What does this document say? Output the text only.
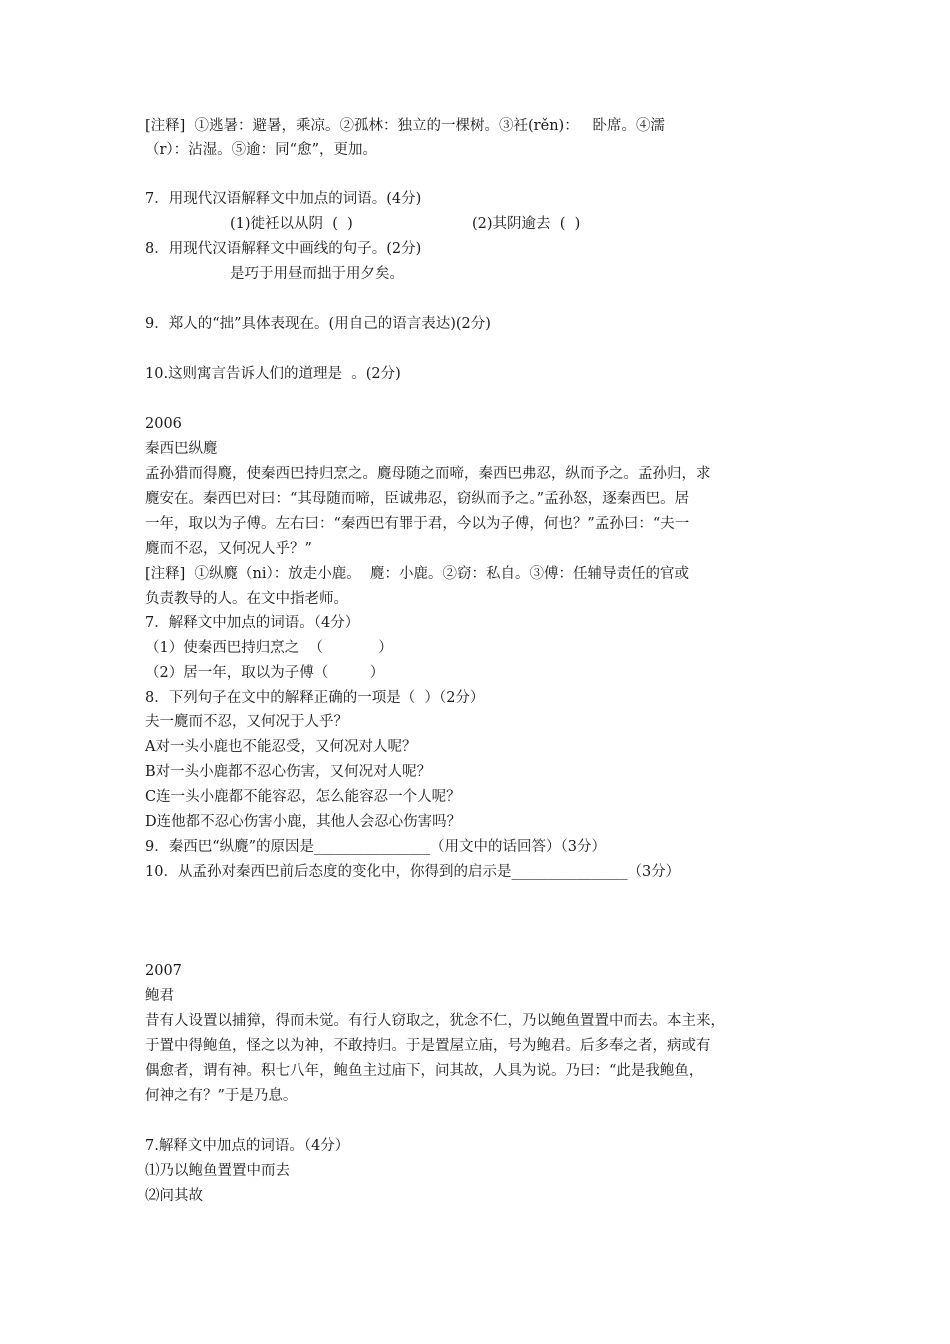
[注释]  ①逃暑：避暑，乘凉。②孤林：独立的一棵树。③衽(rěn)：   卧席。④濡
（r）：沾湿。⑤逾：同“愈”，更加。
7．用现代汉语解释文中加点的词语。(4分)
(1)徙衽以从阴  (  )	(2)其阴逾去  (  )
8．用现代汉语解释文中画线的句子。(2分)
是巧于用昼而拙于用夕矣。
9．郑人的“拙”具体表现在。(用自己的语言表达)(2分)
10.这则寓言告诉人们的道理是  。(2分)
2006
秦西巴纵麑
孟孙猎而得麑，使秦西巴持归烹之。麑母随之而啼，秦西巴弗忍，纵而予之。孟孙归，求
麑安在。秦西巴对曰：“其母随而啼，臣诚弗忍，窃纵而予之。”孟孙怒，逐秦西巴。居
一年，取以为子傅。左右曰：“秦西巴有罪于君，今以为子傅，何也？”孟孙曰：“夫一
麑而不忍，又何况人乎？”
[注释]  ①纵麑（ni）：放走小鹿。  麑：小鹿。②窃：私自。③傅：任辅导责任的官或
负责教导的人。在文中指老师。
7．解释文中加点的词语。（4分）
（1）使秦西巴持归烹之  （            ）
（2）居一年，取以为子傅（         ）
8．下列句子在文中的解释正确的一项是（  ）（2分）
夫一麑而不忍，又何况于人乎？
A对一头小鹿也不能忍受，又何况对人呢？
B对一头小鹿都不忍心伤害，又何况对人呢？
C连一头小鹿都不能容忍，怎么能容忍一个人呢？
D连他都不忍心伤害小鹿，其他人会忍心伤害吗？
9．秦西巴“纵麑”的原因是________________（用文中的话回答）（3分）
10．从孟孙对秦西巴前后态度的变化中，你得到的启示是________________（3分）
2007
鲍君
昔有人设置以捕獐，得而未觉。有行人窃取之，犹念不仁，乃以鲍鱼置置中而去。本主来，
于置中得鲍鱼，怪之以为神，不敢持归。于是置屋立庙，号为鲍君。后多奉之者，病或有
偶愈者，谓有神。积七八年，鲍鱼主过庙下，问其故，人具为说。乃曰：“此是我鲍鱼，
何神之有？”于是乃息。
7.解释文中加点的词语。（4分）
⑴乃以鲍鱼置置中而去
⑵问其故
